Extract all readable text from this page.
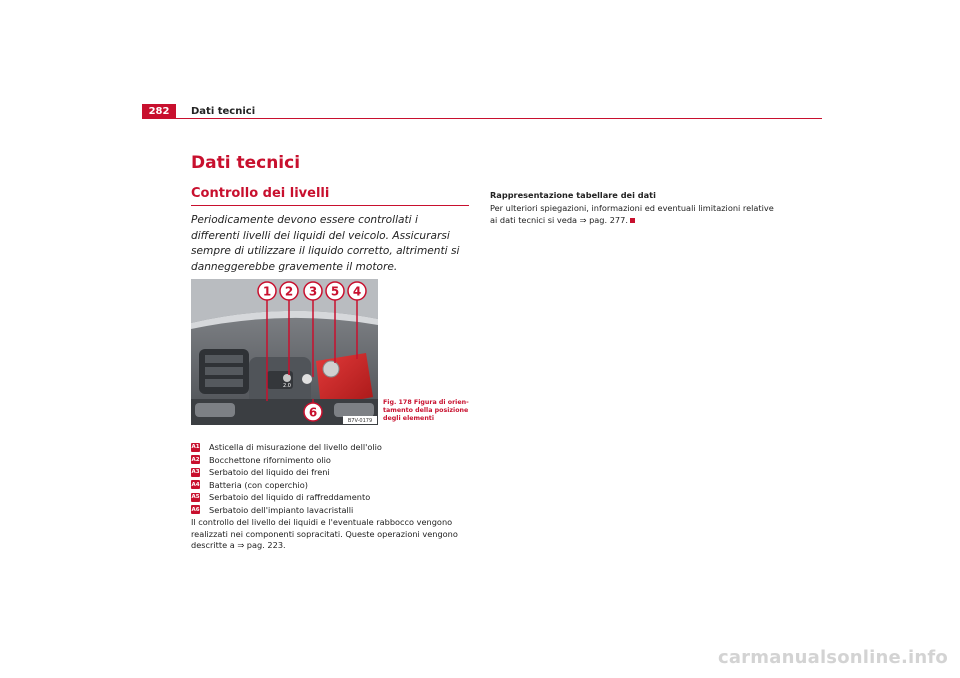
282	Dati tecnici
Dati tecnici
Controllo dei livelli

Periodicamente devono essere controllati i differenti livelli dei liquidi del veicolo. Assicurarsi sempre di utilizzare il liquido corretto, altrimenti si danneggerebbe gravemente il motore.

1 2 3 5 4
6
2.0
B7V-0179
Fig. 178 Figura di orien-tamento della posizione degli elementi
A1 Asticella di misurazione del livello dell'olio
A2 Bocchettone rifornimento olio
A3 Serbatoio del liquido dei freni
A4 Batteria (con coperchio)
A5 Serbatoio del liquido di raffreddamento
A6 Serbatoio dell'impianto lavacristalli

Il controllo del livello dei liquidi e l'eventuale rabbocco vengono realizzati nei componenti sopracitati. Queste operazioni vengono descritte a ⇒ pag. 223.

Rappresentazione tabellare dei dati

Per ulteriori spiegazioni, informazioni ed eventuali limitazioni relative ai dati tecnici si veda ⇒ pag. 277.

carmanualsonline.info
